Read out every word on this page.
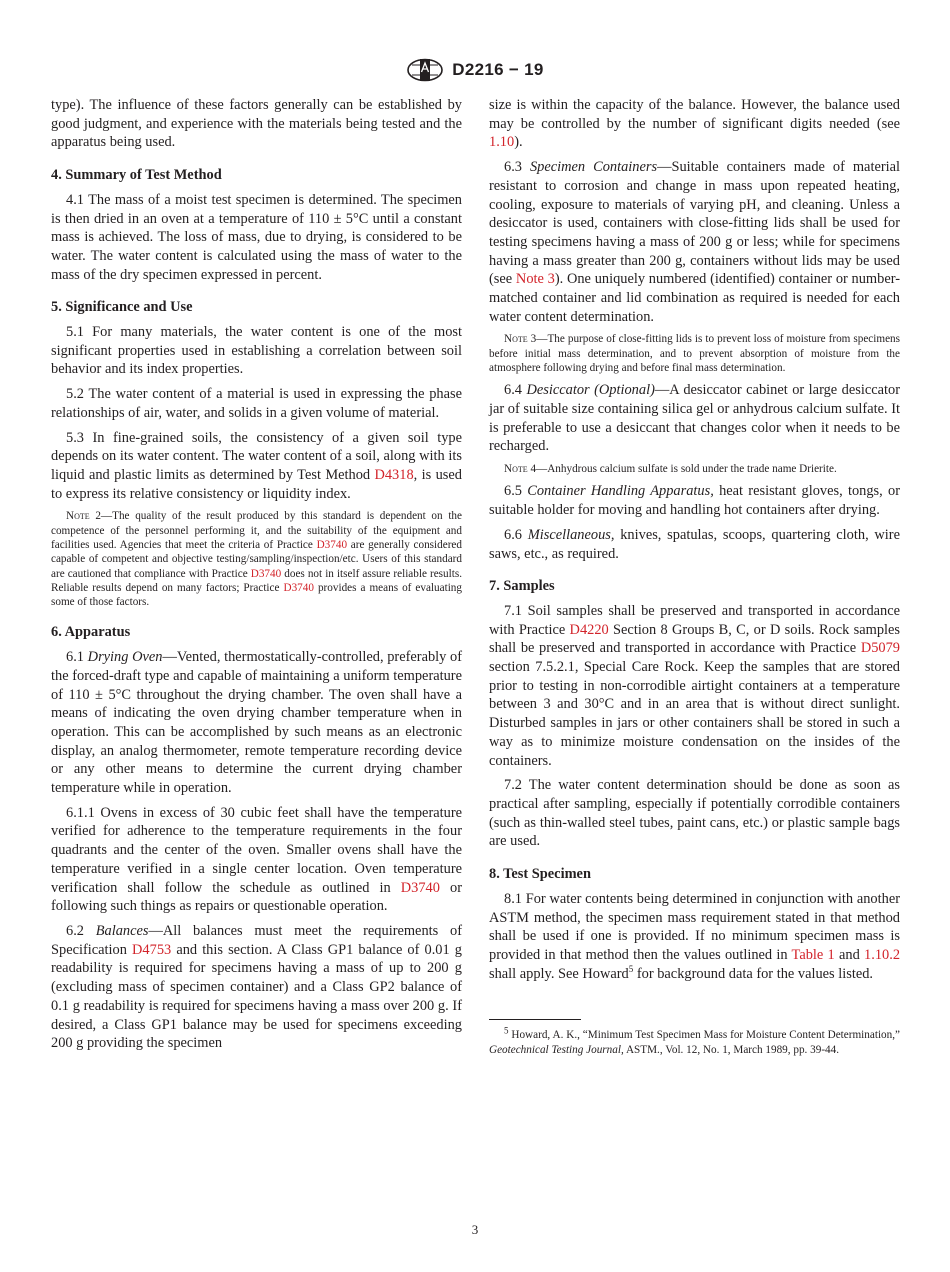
D2216 − 19

type). The influence of these factors generally can be established by good judgment, and experience with the materials being tested and the apparatus being used.

4. Summary of Test Method

4.1 The mass of a moist test specimen is determined. The specimen is then dried in an oven at a temperature of 110 ± 5°C until a constant mass is achieved. The loss of mass, due to drying, is considered to be water. The water content is calculated using the mass of water to the mass of the dry specimen expressed in percent.

5. Significance and Use

5.1 For many materials, the water content is one of the most significant properties used in establishing a correlation between soil behavior and its index properties.

5.2 The water content of a material is used in expressing the phase relationships of air, water, and solids in a given volume of material.

5.3 In fine-grained soils, the consistency of a given soil type depends on its water content. The water content of a soil, along with its liquid and plastic limits as determined by Test Method D4318, is used to express its relative consistency or liquidity index.

Note 2—The quality of the result produced by this standard is dependent on the competence of the personnel performing it, and the suitability of the equipment and facilities used. Agencies that meet the criteria of Practice D3740 are generally considered capable of competent and objective testing/sampling/inspection/etc. Users of this standard are cautioned that compliance with Practice D3740 does not in itself assure reliable results. Reliable results depend on many factors; Practice D3740 provides a means of evaluating some of those factors.

6. Apparatus

6.1 Drying Oven—Vented, thermostatically-controlled, preferably of the forced-draft type and capable of maintaining a uniform temperature of 110 ± 5°C throughout the drying chamber. The oven shall have a means of indicating the oven drying chamber temperature when in operation. This can be accomplished by such means as an electronic display, an analog thermometer, remote temperature recording device or any other means to determine the current drying chamber temperature while in operation.

6.1.1 Ovens in excess of 30 cubic feet shall have the temperature verified for adherence to the temperature requirements in the four quadrants and the center of the oven. Smaller ovens shall have the temperature verified in a single center location. Oven temperature verification shall follow the schedule as outlined in D3740 or following such things as repairs or questionable operation.

6.2 Balances—All balances must meet the requirements of Specification D4753 and this section. A Class GP1 balance of 0.01 g readability is required for specimens having a mass of up to 200 g (excluding mass of specimen container) and a Class GP2 balance of 0.1 g readability is required for specimens having a mass over 200 g. If desired, a Class GP1 balance may be used for specimens exceeding 200 g providing the specimen

size is within the capacity of the balance. However, the balance used may be controlled by the number of significant digits needed (see 1.10).

6.3 Specimen Containers—Suitable containers made of material resistant to corrosion and change in mass upon repeated heating, cooling, exposure to materials of varying pH, and cleaning. Unless a desiccator is used, containers with close-fitting lids shall be used for testing specimens having a mass of 200 g or less; while for specimens having a mass greater than 200 g, containers without lids may be used (see Note 3). One uniquely numbered (identified) container or number-matched container and lid combination as required is needed for each water content determination.

Note 3—The purpose of close-fitting lids is to prevent loss of moisture from specimens before initial mass determination, and to prevent absorption of moisture from the atmosphere following drying and before final mass determination.

6.4 Desiccator (Optional)—A desiccator cabinet or large desiccator jar of suitable size containing silica gel or anhydrous calcium sulfate. It is preferable to use a desiccant that changes color when it needs to be recharged.

Note 4—Anhydrous calcium sulfate is sold under the trade name Drierite.

6.5 Container Handling Apparatus, heat resistant gloves, tongs, or suitable holder for moving and handling hot containers after drying.

6.6 Miscellaneous, knives, spatulas, scoops, quartering cloth, wire saws, etc., as required.

7. Samples

7.1 Soil samples shall be preserved and transported in accordance with Practice D4220 Section 8 Groups B, C, or D soils. Rock samples shall be preserved and transported in accordance with Practice D5079 section 7.5.2.1, Special Care Rock. Keep the samples that are stored prior to testing in non-corrodible airtight containers at a temperature between 3 and 30°C and in an area that is without direct sunlight. Disturbed samples in jars or other containers shall be stored in such a way as to minimize moisture condensation on the insides of the containers.

7.2 The water content determination should be done as soon as practical after sampling, especially if potentially corrodible containers (such as thin-walled steel tubes, paint cans, etc.) or plastic sample bags are used.

8. Test Specimen

8.1 For water contents being determined in conjunction with another ASTM method, the specimen mass requirement stated in that method shall be used if one is provided. If no minimum specimen mass is provided in that method then the values outlined in Table 1 and 1.10.2 shall apply. See Howard$^5$ for background data for the values listed.

$^5$ Howard, A. K., “Minimum Test Specimen Mass for Moisture Content Determination,” Geotechnical Testing Journal, ASTM., Vol. 12, No. 1, March 1989, pp. 39-44.

3
